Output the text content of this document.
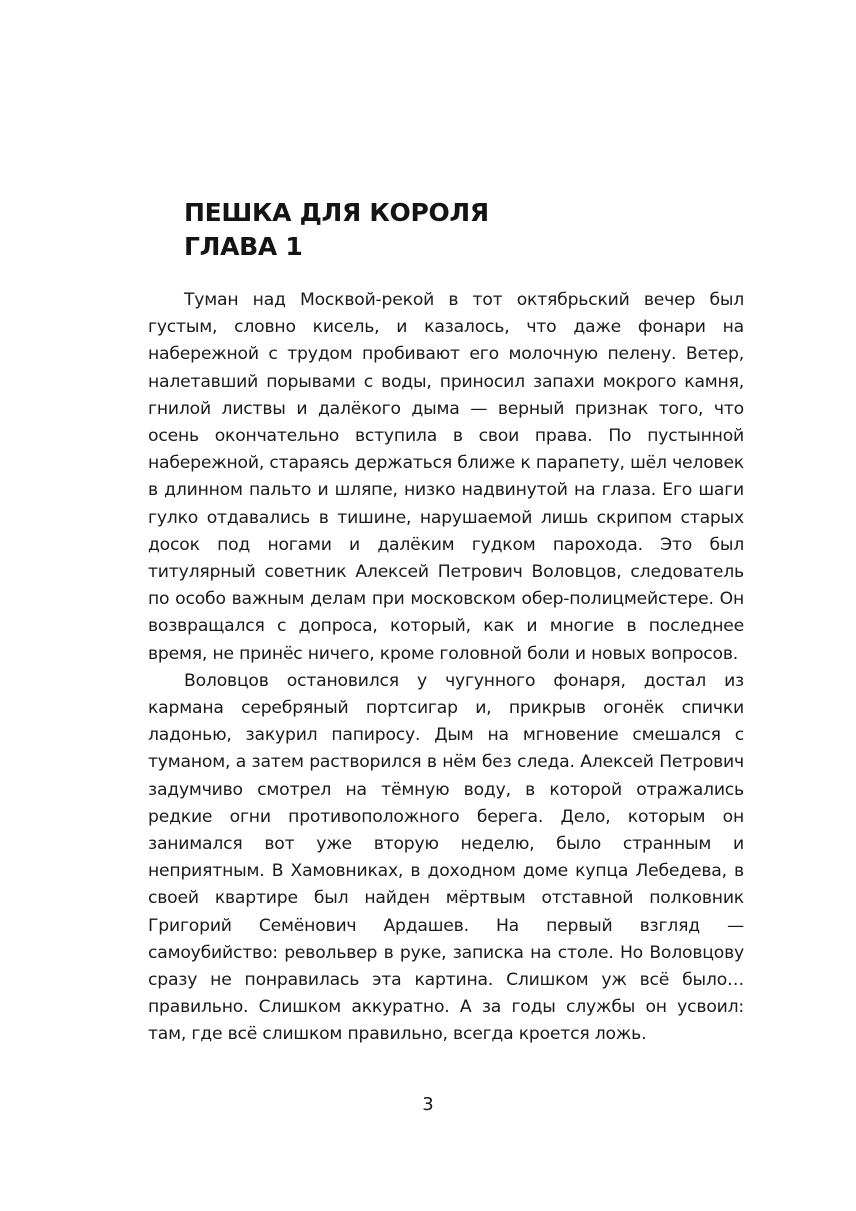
ПЕШКА ДЛЯ КОРОЛЯ

ГЛАВА 1

Туман над Москвой-рекой в тот октябрьский вечер был густым, словно кисель, и казалось, что даже фонари на набережной с трудом пробивают его молочную пелену. Ветер, налетавший порывами с воды, приносил запахи мокрого камня, гнилой листвы и далёкого дыма — верный признак того, что осень окончательно вступила в свои права. По пустынной набережной, стараясь держаться ближе к парапету, шёл человек в длинном пальто и шляпе, низко надвинутой на глаза. Его шаги гулко отдавались в тишине, нарушаемой лишь скрипом старых досок под ногами и далёким гудком парохода. Это был титулярный советник Алексей Петрович Воловцов, следователь по особо важным делам при московском обер-полицмейстере. Он возвращался с допроса, который, как и многие в последнее время, не принёс ничего, кроме головной боли и новых вопросов.

Воловцов остановился у чугунного фонаря, достал из кармана серебряный портсигар и, прикрыв огонёк спички ладонью, закурил папиросу. Дым на мгновение смешался с туманом, а затем растворился в нём без следа. Алексей Петрович задумчиво смотрел на тёмную воду, в которой отражались редкие огни противоположного берега. Дело, которым он занимался вот уже вторую неделю, было странным и неприятным. В Хамовниках, в доходном доме купца Лебедева, в своей квартире был найден мёртвым отставной полковник Григорий Семёнович Ардашев. На первый взгляд — самоубийство: револьвер в руке, записка на столе. Но Воловцову сразу не понравилась эта картина. Слишком уж всё было… правильно. Слишком аккуратно. А за годы службы он усвоил: там, где всё слишком правильно, всегда кроется ложь.

3
